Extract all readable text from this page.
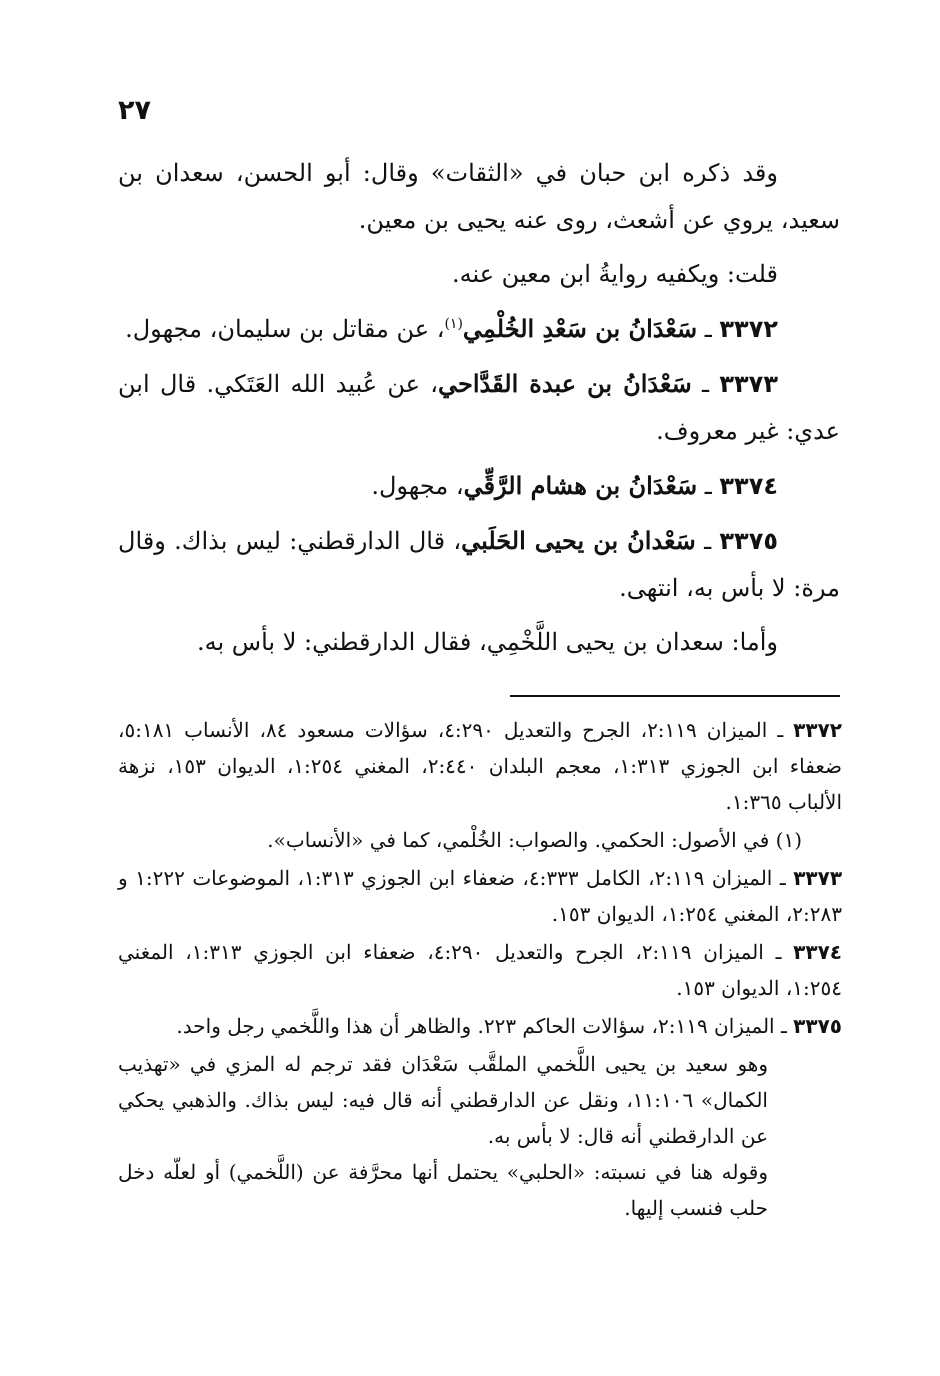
٢٧

وقد ذكره ابن حبان في «الثقات» وقال: أبو الحسن، سعدان بن سعيد، يروي عن أشعث، روى عنه يحيى بن معين.

قلت: ويكفيه روايةُ ابن معين عنه.

٣٣٧٢ ـ سَعْدَانُ بن سَعْدِ الخُلْمِي$^{(١)}$، عن مقاتل بن سليمان، مجهول.

٣٣٧٣ ـ سَعْدَانُ بن عبدة القَدَّاحي، عن عُبيد الله العَتَكي. قال ابن عدي: غير معروف.

٣٣٧٤ ـ سَعْدَانُ بن هشام الرَّقِّي، مجهول.

٣٣٧٥ ـ سَعْدانُ بن يحيى الحَلَبي، قال الدارقطني: ليس بذاك. وقال مرة: لا بأس به، انتهى.

وأما: سعدان بن يحيى اللَّخْمِي، فقال الدارقطني: لا بأس به.

٣٣٧٢ ـ الميزان ٢:١١٩، الجرح والتعديل ٤:٢٩٠، سؤالات مسعود ٨٤، الأنساب ٥:١٨١، ضعفاء ابن الجوزي ١:٣١٣، معجم البلدان ٢:٤٤٠، المغني ١:٢٥٤، الديوان ١٥٣، نزهة الألباب ١:٣٦٥.

(١) في الأصول: الحكمي. والصواب: الخُلْمي، كما في «الأنساب».

٣٣٧٣ ـ الميزان ٢:١١٩، الكامل ٤:٣٣٣، ضعفاء ابن الجوزي ١:٣١٣، الموضوعات ١:٢٢٢ و ٢:٢٨٣، المغني ١:٢٥٤، الديوان ١٥٣.

٣٣٧٤ ـ الميزان ٢:١١٩، الجرح والتعديل ٤:٢٩٠، ضعفاء ابن الجوزي ١:٣١٣، المغني ١:٢٥٤، الديوان ١٥٣.

٣٣٧٥ ـ الميزان ٢:١١٩، سؤالات الحاكم ٢٢٣. والظاهر أن هذا واللَّخمي رجل واحد.

وهو سعيد بن يحيى اللَّخمي الملقَّب سَعْدَان فقد ترجم له المزي في «تهذيب الكمال» ١١:١٠٦، ونقل عن الدارقطني أنه قال فيه: ليس بذاك. والذهبي يحكي عن الدارقطني أنه قال: لا بأس به.

وقوله هنا في نسبته: «الحلبي» يحتمل أنها محرَّفة عن (اللَّخمي) أو لعلّه دخل حلب فنسب إليها.
